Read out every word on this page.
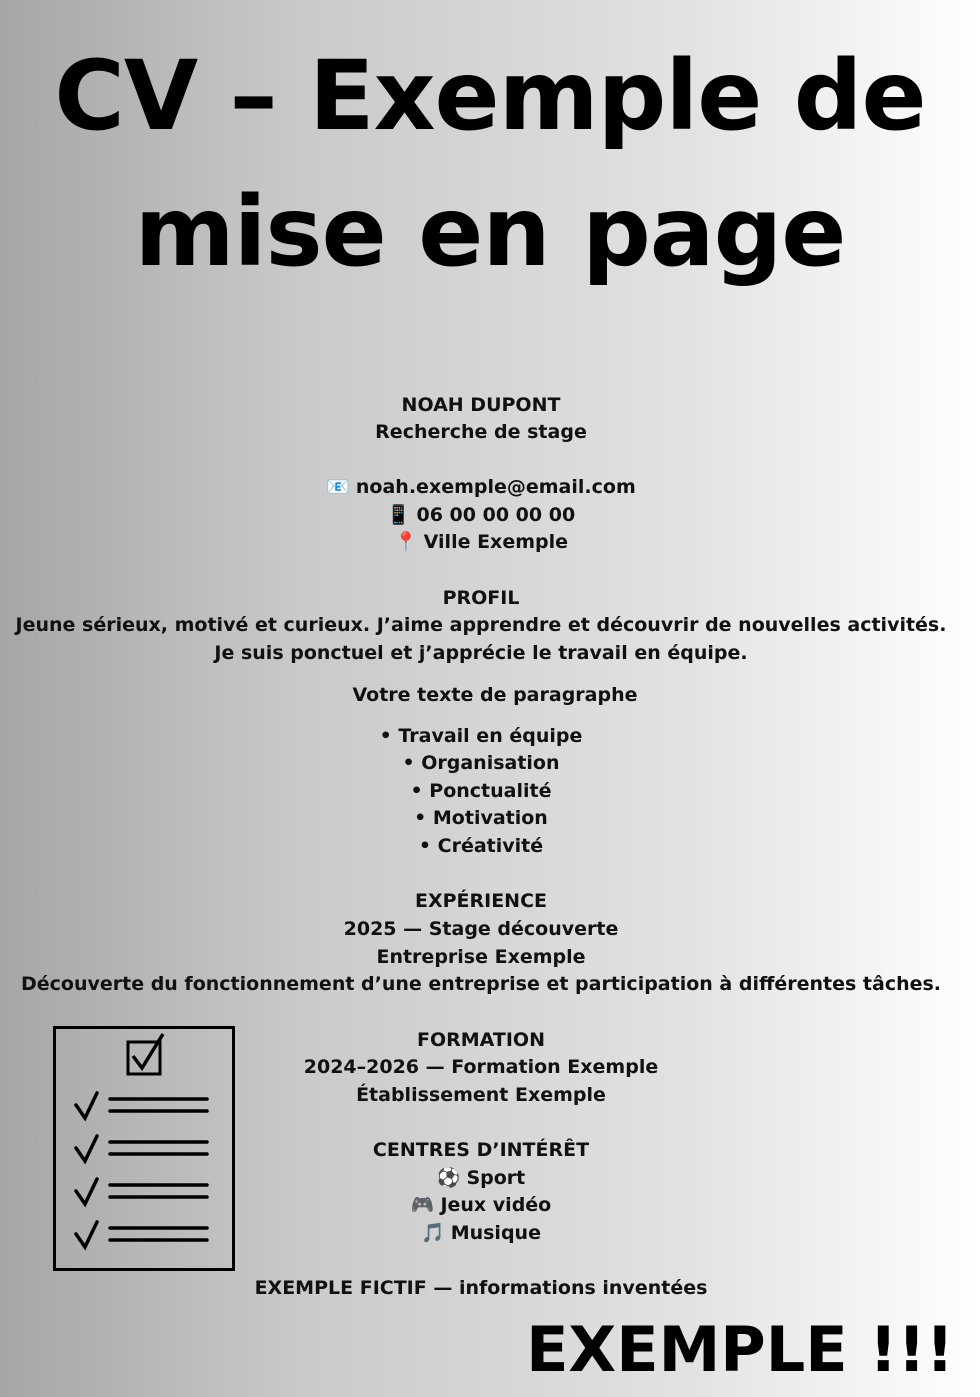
CV – Exemple de
mise en page
NOAH DUPONT
Recherche de stage
📧 noah.exemple@email.com
📱 06 00 00 00 00
📍 Ville Exemple
PROFIL
Jeune sérieux, motivé et curieux. J’aime apprendre et découvrir de nouvelles activités. Je suis ponctuel et j’apprécie le travail en équipe.
Votre texte de paragraphe
• Travail en équipe
• Organisation
• Ponctualité
• Motivation
• Créativité
EXPÉRIENCE
2025 — Stage découverte
Entreprise Exemple
Découverte du fonctionnement d’une entreprise et participation à différentes tâches.
FORMATION
2024–2026 — Formation Exemple
Établissement Exemple
CENTRES D’INTÉRÊT
⚽ Sport
🎮 Jeux vidéo
🎵 Musique
EXEMPLE FICTIF — informations inventées
EXEMPLE !!!
